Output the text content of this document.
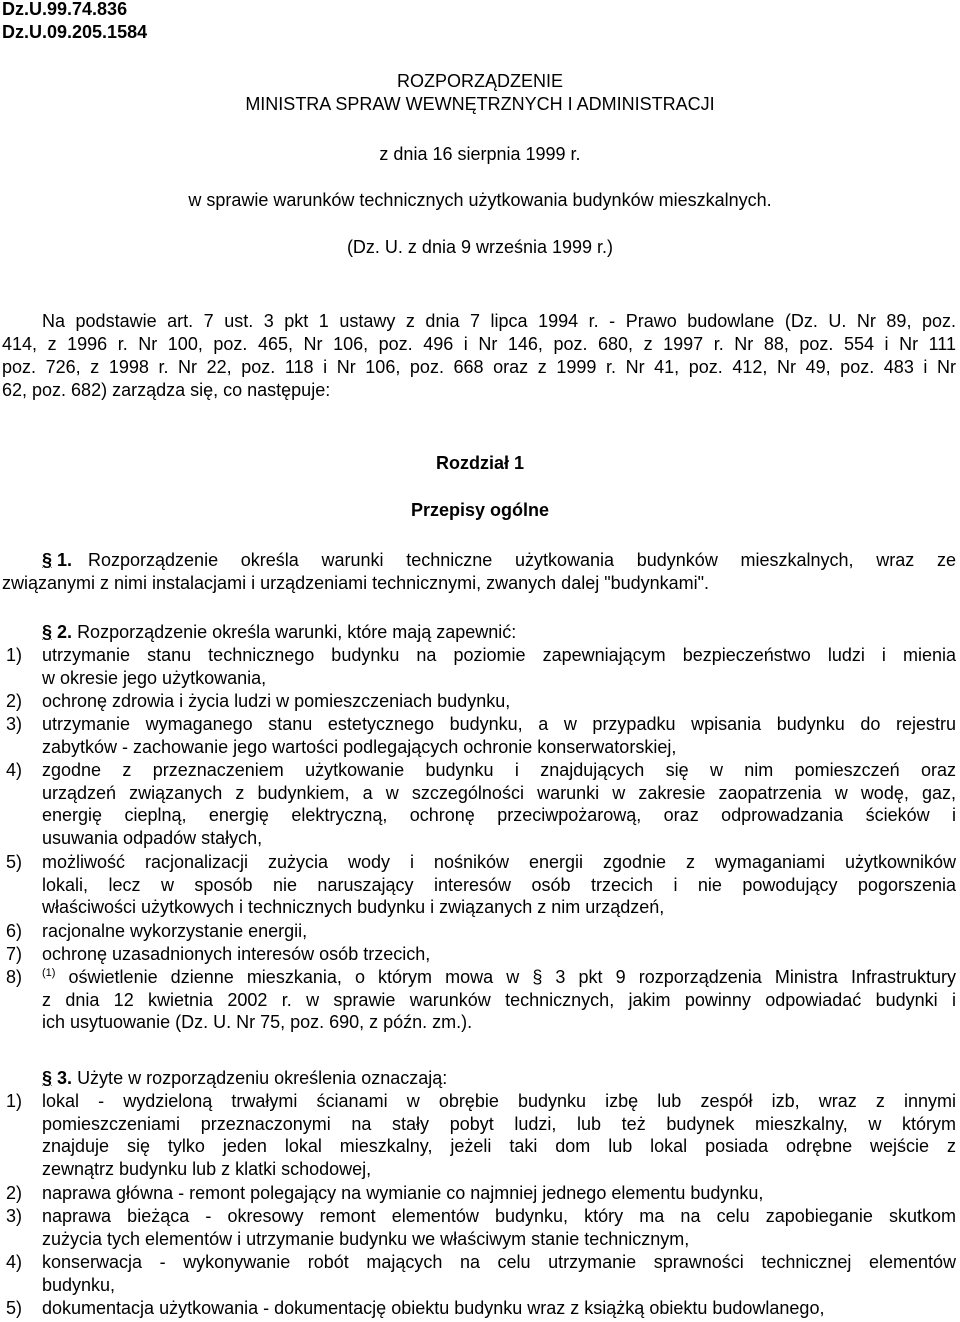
Dz.U.99.74.836
Dz.U.09.205.1584
ROZPORZĄDZENIE
MINISTRA SPRAW WEWNĘTRZNYCH I ADMINISTRACJI
z dnia 16 sierpnia 1999 r.
w sprawie warunków technicznych użytkowania budynków mieszkalnych.
(Dz. U. z dnia 9 września 1999 r.)
Na podstawie art. 7 ust. 3 pkt 1 ustawy z dnia 7 lipca 1994 r. - Prawo budowlane (Dz. U. Nr 89, poz.
414, z 1996 r. Nr 100, poz. 465, Nr 106, poz. 496 i Nr 146, poz. 680, z 1997 r. Nr 88, poz. 554 i Nr 111
poz. 726, z 1998 r. Nr 22, poz. 118 i Nr 106, poz. 668 oraz z 1999 r. Nr 41, poz. 412, Nr 49, poz. 483 i Nr
62, poz. 682) zarządza się, co następuje:
Rozdział 1
Przepisy ogólne
§ 1. Rozporządzenie określa warunki techniczne użytkowania budynków mieszkalnych, wraz ze
związanymi z nimi instalacjami i urządzeniami technicznymi, zwanych dalej "budynkami".
§ 2. Rozporządzenie określa warunki, które mają zapewnić:
1) utrzymanie stanu technicznego budynku na poziomie zapewniającym bezpieczeństwo ludzi i mienia
w okresie jego użytkowania,
2) ochronę zdrowia i życia ludzi w pomieszczeniach budynku,
3) utrzymanie wymaganego stanu estetycznego budynku, a w przypadku wpisania budynku do rejestru
zabytków - zachowanie jego wartości podlegających ochronie konserwatorskiej,
4) zgodne z przeznaczeniem użytkowanie budynku i znajdujących się w nim pomieszczeń oraz
urządzeń związanych z budynkiem, a w szczególności warunki w zakresie zaopatrzenia w wodę, gaz,
energię cieplną, energię elektryczną, ochronę przeciwpożarową, oraz odprowadzania ścieków i
usuwania odpadów stałych,
5) możliwość racjonalizacji zużycia wody i nośników energii zgodnie z wymaganiami użytkowników
lokali, lecz w sposób nie naruszający interesów osób trzecich i nie powodujący pogorszenia
właściwości użytkowych i technicznych budynku i związanych z nim urządzeń,
6) racjonalne wykorzystanie energii,
7) ochronę uzasadnionych interesów osób trzecich,
8) $^{(1)}$ oświetlenie dzienne mieszkania, o którym mowa w § 3 pkt 9 rozporządzenia Ministra Infrastruktury
z dnia 12 kwietnia 2002 r. w sprawie warunków technicznych, jakim powinny odpowiadać budynki i
ich usytuowanie (Dz. U. Nr 75, poz. 690, z późn. zm.).
§ 3. Użyte w rozporządzeniu określenia oznaczają:
1) lokal - wydzieloną trwałymi ścianami w obrębie budynku izbę lub zespół izb, wraz z innymi
pomieszczeniami przeznaczonymi na stały pobyt ludzi, lub też budynek mieszkalny, w którym
znajduje się tylko jeden lokal mieszkalny, jeżeli taki dom lub lokal posiada odrębne wejście z
zewnątrz budynku lub z klatki schodowej,
2) naprawa główna - remont polegający na wymianie co najmniej jednego elementu budynku,
3) naprawa bieżąca - okresowy remont elementów budynku, który ma na celu zapobieganie skutkom
zużycia tych elementów i utrzymanie budynku we właściwym stanie technicznym,
4) konserwacja - wykonywanie robót mających na celu utrzymanie sprawności technicznej elementów
budynku,
5) dokumentacja użytkowania - dokumentację obiektu budynku wraz z książką obiektu budowlanego,
